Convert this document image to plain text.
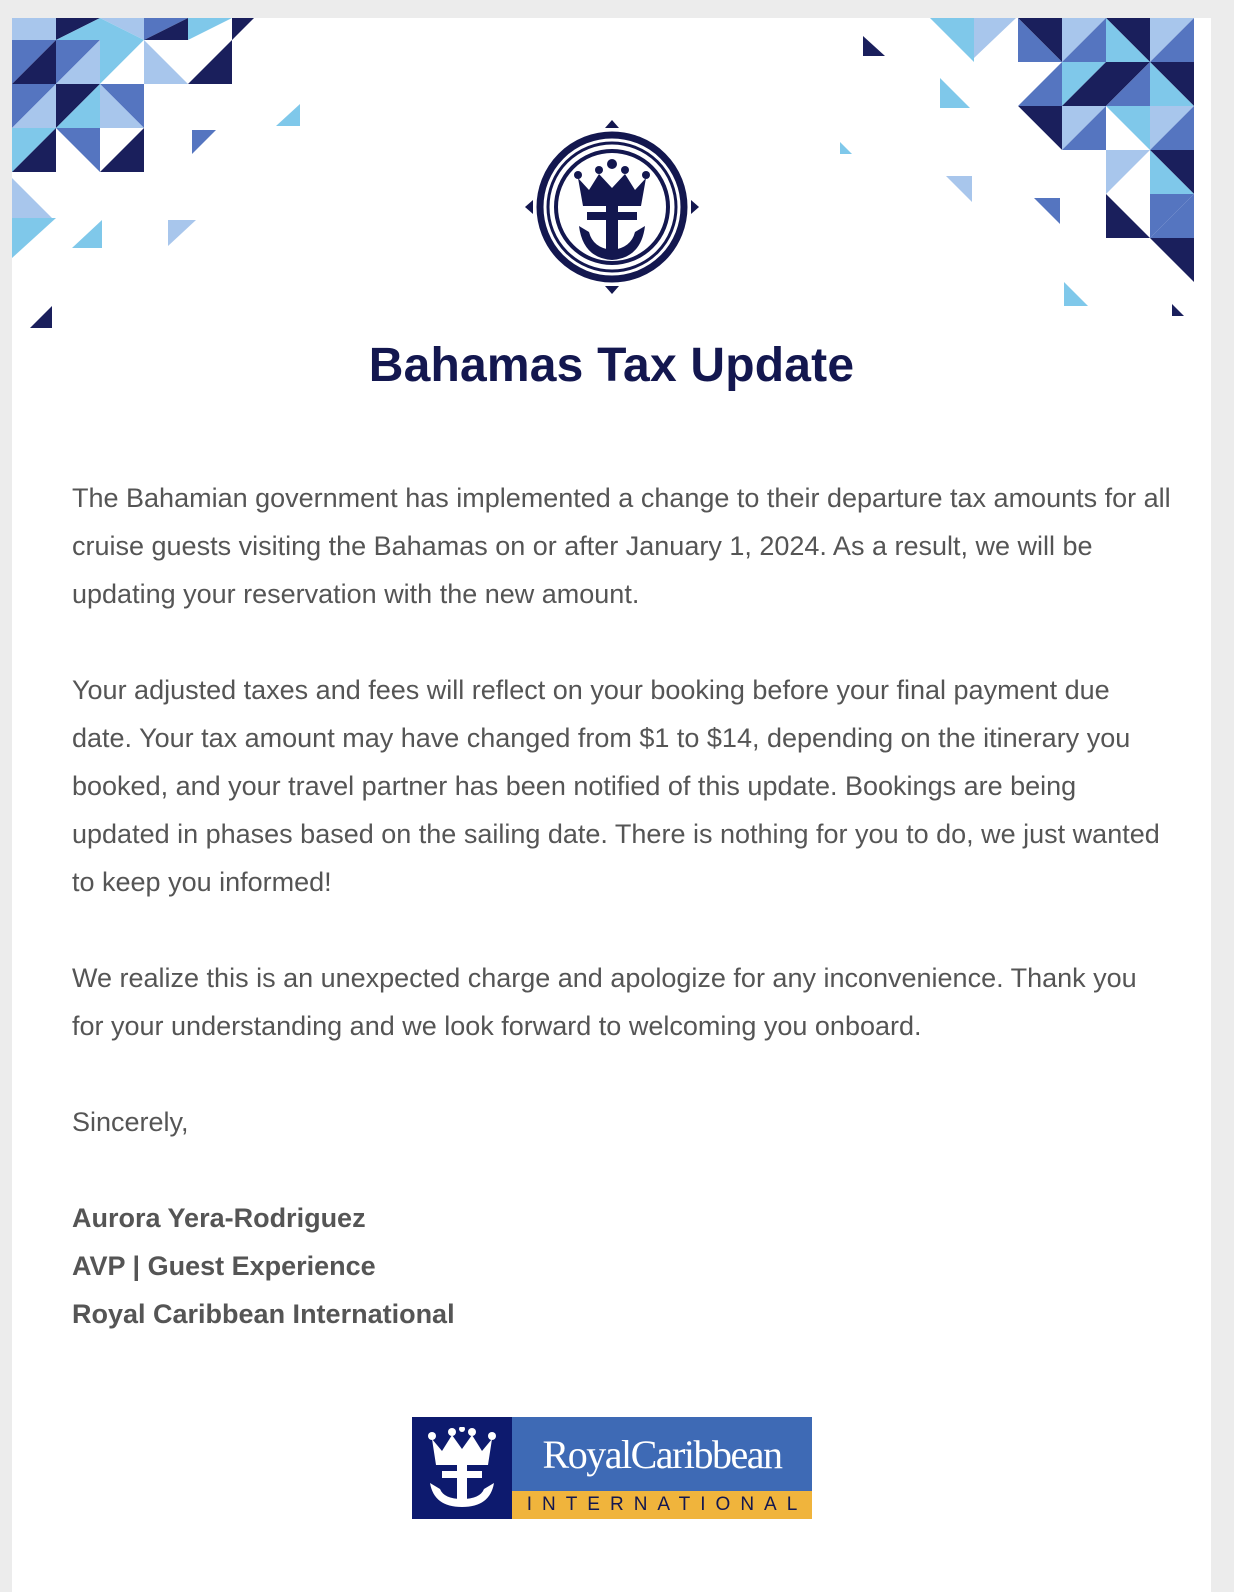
Bahamas Tax Update

The Bahamian government has implemented a change to their departure tax amounts for all cruise guests visiting the Bahamas on or after January 1, 2024. As a result, we will be updating your reservation with the new amount.

Your adjusted taxes and fees will reflect on your booking before your final payment due date. Your tax amount may have changed from $1 to $14, depending on the itinerary you booked, and your travel partner has been notified of this update. Bookings are being updated in phases based on the sailing date. There is nothing for you to do, we just wanted to keep you informed!

We realize this is an unexpected charge and apologize for any inconvenience. Thank you for your understanding and we look forward to welcoming you onboard.

Sincerely,

Aurora Yera-Rodriguez
AVP | Guest Experience
Royal Caribbean International
RoyalCaribbean
INTERNATIONAL
